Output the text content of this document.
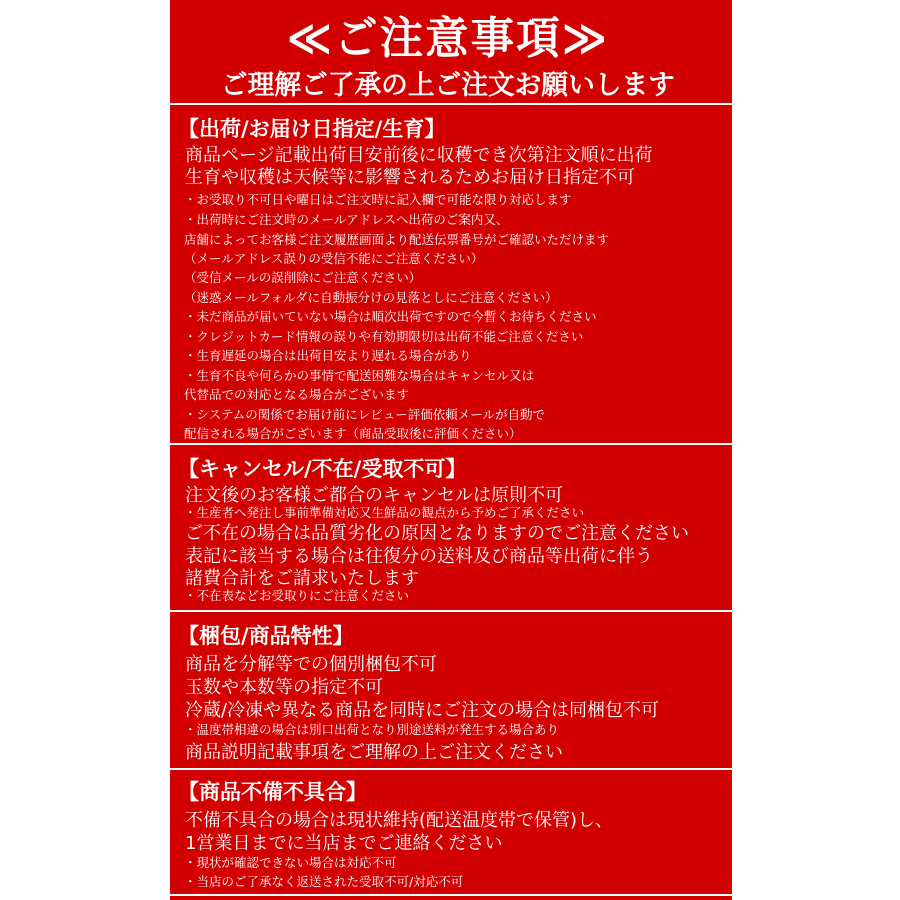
≪ご注意事項≫
ご理解ご了承の上ご注文お願いします
【出荷/お届け日指定/生育】
商品ページ記載出荷目安前後に収穫でき次第注文順に出荷
生育や収穫は天候等に影響されるためお届け日指定不可
・お受取り不可日や曜日はご注文時に記入欄で可能な限り対応します
・出荷時にご注文時のメールアドレスへ出荷のご案内又、
店舗によってお客様ご注文履歴画面より配送伝票番号がご確認いただけます
（メールアドレス誤りの受信不能にご注意ください）
（受信メールの誤削除にご注意ください）
（迷惑メールフォルダに自動振分けの見落としにご注意ください）
・未だ商品が届いていない場合は順次出荷ですので今暫くお待ちください
・クレジットカード情報の誤りや有効期限切は出荷不能ご注意ください
・生育遅延の場合は出荷目安より遅れる場合があり
・生育不良や何らかの事情で配送困難な場合はキャンセル又は
代替品での対応となる場合がございます
・システムの関係でお届け前にレビュー評価依頼メールが自動で
配信される場合がございます（商品受取後に評価ください）
【キャンセル/不在/受取不可】
注文後のお客様ご都合のキャンセルは原則不可
・生産者へ発注し事前準備対応又生鮮品の観点から予めご了承ください
ご不在の場合は品質劣化の原因となりますのでご注意ください
表記に該当する場合は往復分の送料及び商品等出荷に伴う
諸費合計をご請求いたします
・不在表などお受取りにご注意ください
【梱包/商品特性】
商品を分解等での個別梱包不可
玉数や本数等の指定不可
冷蔵/冷凍や異なる商品を同時にご注文の場合は同梱包不可
・温度帯相違の場合は別口出荷となり別途送料が発生する場合あり
商品説明記載事項をご理解の上ご注文ください
【商品不備不具合】
不備不具合の場合は現状維持(配送温度帯で保管)し、
1営業日までに当店までご連絡ください
・現状が確認できない場合は対応不可
・当店のご了承なく返送された受取不可/対応不可
